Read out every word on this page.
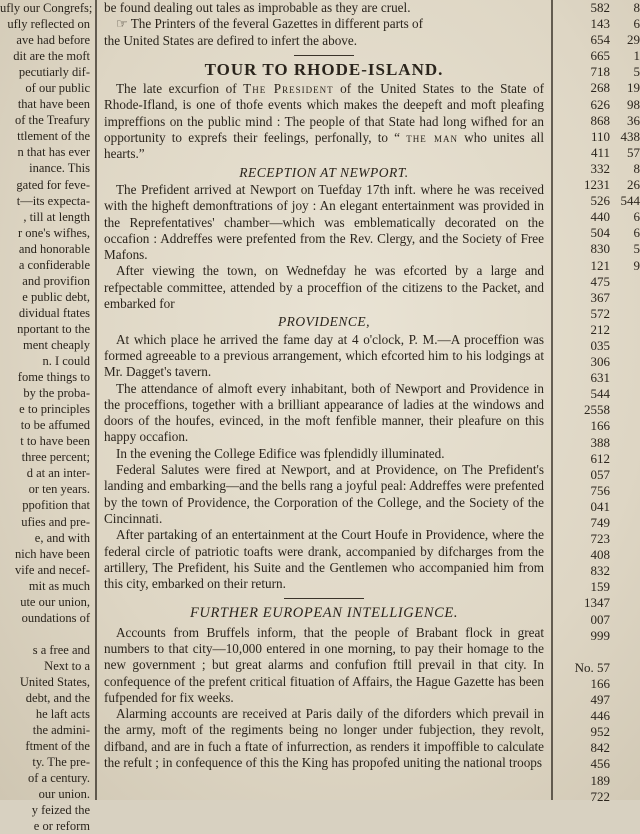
ufly our Congrefs;
ufly reflected on
ave had before
dit are the moft
pecutiarly dif-
of our public
that have been
of the Treafury
ttlement of the
n that has ever
inance. This
gated for feve-
t—its expecta-
, till at length
r one's wifhes,
and honorable
a confiderable
and provifion
e public debt,
dividual ftates
nportant to the
ment cheaply
n. I could
fome things to
by the proba-
e to principles
to be affumed
t to have been
three percent;
d at an inter-
or ten years.
ppofition that
ufies and pre-
e, and with
nich have been
vife and necef-
mit as much
ute our union,
oundations of

s a free and
Next to a
United States,
debt, and the
he laft acts
the admini-
ftment of the
ty. The pre-
of a century.
our union.
y feized the
e or reform

be found dealing out tales as improbable as they are cruel.

☞ The Printers of the feveral Gazettes in different parts of

the United States are defired to infert the above.

TOUR TO RHODE-ISLAND.

The late excurfion of The President of the United States to the State of Rhode-Ifland, is one of thofe events which makes the deepeft and moft pleafing impreffions on the public mind : The people of that State had long wifhed for an opportunity to exprefs their feelings, perfonally, to “ the man who unites all hearts.”

RECEPTION AT NEWPORT.

The Prefident arrived at Newport on Tuefday 17th inft. where he was received with the higheft demonftrations of joy : An elegant entertainment was provided in the Reprefentatives' chamber—which was emblematically decorated on the occafion : Addreffes were prefented from the Rev. Clergy, and the Society of Free Mafons.

After viewing the town, on Wednefday he was efcorted by a large and refpectable committee, attended by a proceffion of the citizens to the Packet, and embarked for

PROVIDENCE,

At which place he arrived the fame day at 4 o'clock, P. M.—A proceffion was formed agreeable to a previous arrangement, which efcorted him to his lodgings at Mr. Dagget's tavern.

The attendance of almoft every inhabitant, both of Newport and Providence in the proceffions, together with a brilliant appearance of ladies at the windows and doors of the houfes, evinced, in the moft fenfible manner, their pleafure on this happy occafion.

In the evening the College Edifice was fplendidly illuminated.

Federal Salutes were fired at Newport, and at Providence, on The Prefident's landing and embarking—and the bells rang a joyful peal: Addreffes were prefented by the town of Providence, the Corporation of the College, and the Society of the Cincinnati.

After partaking of an entertainment at the Court Houfe in Providence, where the federal circle of patriotic toafts were drank, accompanied by difcharges from the artillery, The Prefident, his Suite and the Gentlemen who accompanied him from this city, embarked on their return.

FURTHER EUROPEAN INTELLIGENCE.

Accounts from Bruffels inform, that the people of Brabant flock in great numbers to that city—10,000 entered in one morning, to pay their homage to the new government ; but great alarms and confufion ftill prevail in that city. In confequence of the prefent critical fituation of Affairs, the Hague Gazette has been fufpended for fix weeks.

Alarming accounts are received at Paris daily of the diforders which prevail in the army, moft of the regiments being no longer under fubjection, they revolt, difband, and are in fuch a ftate of infurrection, as renders it impoffible to calculate the refult ; in confequence of this the King has propofed uniting the national troops

582	8
143	6
654	29
665	1
718	5
268	19
626	98
868	36
110 438
411	57
332	8
1231	26
526 544
440	6
504	6
830	5
121	9
475
367
572
212
035
306
631
544
2558
166
388
612
057
756
041
749
723
408
832
159
1347
007
999

No. 57
166
497
446
952
842
456
189
722
